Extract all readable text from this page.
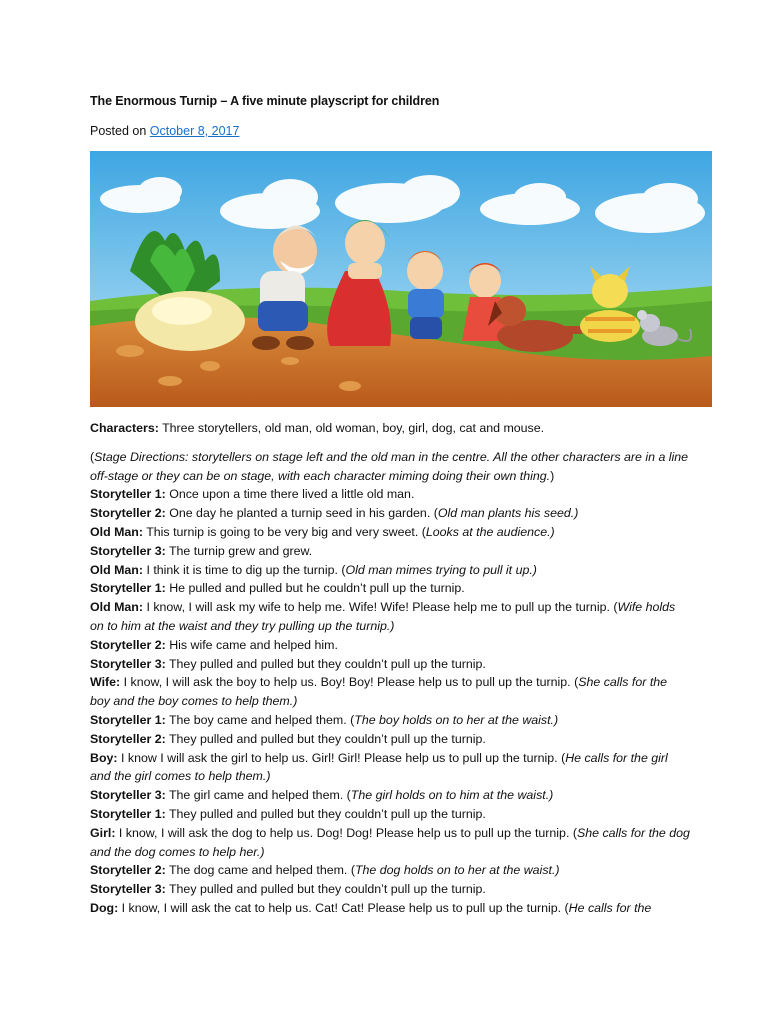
The Enormous Turnip – A five minute playscript for children

Posted on October 8, 2017

Characters: Three storytellers, old man, old woman, boy, girl, dog, cat and mouse.

(Stage Directions: storytellers on stage left and the old man in the centre. All the other characters are in a line off-stage or they can be on stage, with each character miming doing their own thing.)

Storyteller 1: Once upon a time there lived a little old man.

Storyteller 2: One day he planted a turnip seed in his garden. (Old man plants his seed.)

Old Man: This turnip is going to be very big and very sweet. (Looks at the audience.)

Storyteller 3: The turnip grew and grew.

Old Man: I think it is time to dig up the turnip. (Old man mimes trying to pull it up.)

Storyteller 1: He pulled and pulled but he couldn’t pull up the turnip.

Old Man: I know, I will ask my wife to help me. Wife! Wife! Please help me to pull up the turnip. (Wife holds on to him at the waist and they try pulling up the turnip.)

Storyteller 2: His wife came and helped him.

Storyteller 3: They pulled and pulled but they couldn’t pull up the turnip.

Wife: I know, I will ask the boy to help us. Boy! Boy! Please help us to pull up the turnip. (She calls for the boy and the boy comes to help them.)

Storyteller 1: The boy came and helped them. (The boy holds on to her at the waist.)

Storyteller 2: They pulled and pulled but they couldn’t pull up the turnip.

Boy: I know I will ask the girl to help us. Girl! Girl! Please help us to pull up the turnip. (He calls for the girl and the girl comes to help them.)

Storyteller 3: The girl came and helped them. (The girl holds on to him at the waist.)

Storyteller 1: They pulled and pulled but they couldn’t pull up the turnip.

Girl: I know, I will ask the dog to help us. Dog! Dog! Please help us to pull up the turnip. (She calls for the dog and the dog comes to help her.)

Storyteller 2: The dog came and helped them. (The dog holds on to her at the waist.)

Storyteller 3: They pulled and pulled but they couldn’t pull up the turnip.

Dog: I know, I will ask the cat to help us. Cat! Cat! Please help us to pull up the turnip. (He calls for the
